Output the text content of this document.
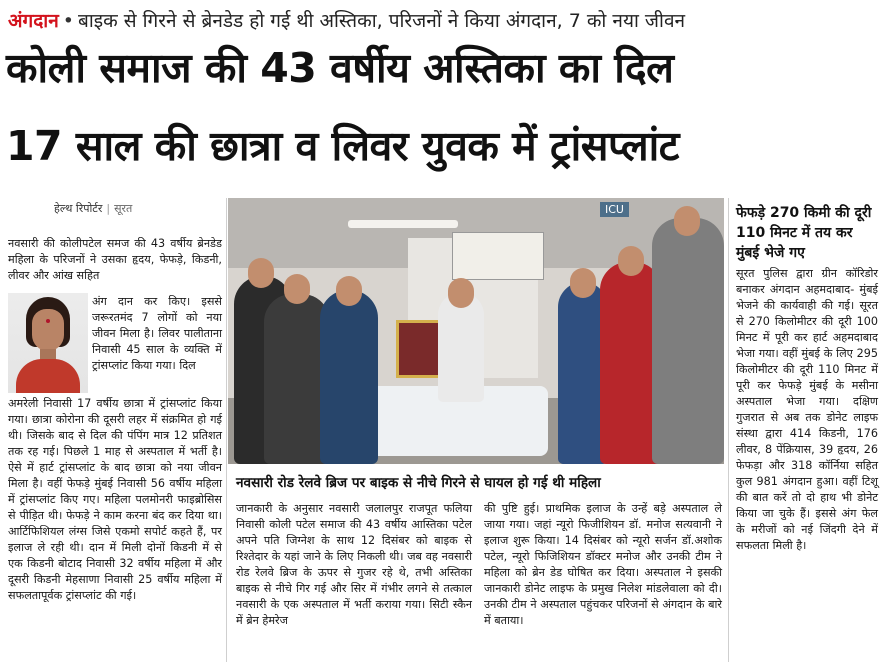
अंगदान • बाइक से गिरने से ब्रेनडेड हो गई थी अस्तिका, परिजनों ने किया अंगदान, 7 को नया जीवन
कोली समाज की 43 वर्षीय अस्तिका का दिल
17 साल की छात्रा व लिवर युवक में ट्रांसप्लांट
हेल्थ रिपोर्टर | सूरत

नवसारी की कोलीपटेल समज की 43 वर्षीय ब्रेनडेड महिला के परिजनों ने उसका हृदय, फेफड़े, किडनी, लीवर और आंख सहित

अंग दान कर किए। इससे जरूरतमंद 7 लोगों को नया जीवन मिला है। लिवर पालीताना निवासी 45 साल के व्यक्ति में ट्रांसप्लांट किया गया। दिल

अमरेली निवासी 17 वर्षीय छात्रा में ट्रांसप्लांट किया गया। छात्रा कोरोना की दूसरी लहर में संक्रमित हो गई थी। जिसके बाद से दिल की पंपिंग मात्र 12 प्रतिशत तक रह गई। पिछले 1 माह से अस्पताल में भर्ती है। ऐसे में हार्ट ट्रांसप्लांट के बाद छात्रा को नया जीवन मिला है। वहीं फेफड़े मुंबई निवासी 56 वर्षीय महिला में ट्रांसप्लांट किए गए। महिला पलमोनरी फाइब्रोसिस से पीड़ित थी। फेफड़े ने काम करना बंद कर दिया था। आर्टिफिशियल लंग्स जिसे एकमो सपोर्ट कहते हैं, पर इलाज ले रही थी। दान में मिली दोनों किडनी में से एक किडनी बोटाद निवासी 32 वर्षीय महिला में और दूसरी किडनी मेहसाणा निवासी 25 वर्षीय महिला में सफलतापूर्वक ट्रांसप्लांट की गई।

ICU
नवसारी रोड रेलवे ब्रिज पर बाइक से नीचे गिरने से घायल हो गई थी महिला

जानकारी के अनुसार नवसारी जलालपुर राजपूत फलिया निवासी कोली पटेल समाज की 43 वर्षीय आस्तिका पटेल अपने पति जिग्नेश के साथ 12 दिसंबर को बाइक से रिश्तेदार के यहां जाने के लिए निकली थी। जब वह नवसारी रोड रेलवे ब्रिज के ऊपर से गुजर रहे थे, तभी अस्तिका बाइक से नीचे गिर गई और सिर में गंभीर लगने से तत्काल नवसारी के एक अस्पताल में भर्ती कराया गया। सिटी स्कैन में ब्रेन हेमरेज

की पुष्टि हुई। प्राथमिक इलाज के उन्हें बड़े अस्पताल ले जाया गया। जहां न्यूरो फिजीशियन डॉ. मनोज सत्यवानी ने इलाज शुरू किया। 14 दिसंबर को न्यूरो सर्जन डॉ.अशोक पटेल, न्यूरो फिजिशियन डॉक्टर मनोज और उनकी टीम ने महिला को ब्रेन डेड घोषित कर दिया। अस्पताल ने इसकी जानकारी डोनेट लाइफ के प्रमुख निलेश मांडलेवाला को दी। उनकी टीम ने अस्पताल पहुंचकर परिजनों से अंगदान के बारे में बताया।

फेफड़े 270 किमी की दूरी 110 मिनट में तय कर मुंबई भेजे गए

सूरत पुलिस द्वारा ग्रीन कॉरिडोर बनाकर अंगदान अहमदाबाद- मुंबई भेजने की कार्यवाही की गई। सूरत से 270 किलोमीटर की दूरी 100 मिनट में पूरी कर हार्ट अहमदाबाद भेजा गया। वहीं मुंबई के लिए 295 किलोमीटर की दूरी 110 मिनट में पूरी कर फेफड़े मुंबई के मसीना अस्पताल भेजा गया। दक्षिण गुजरात से अब तक डोनेट लाइफ संस्था द्वारा 414 किडनी, 176 लीवर, 8 पेंक्रियास, 39 हृदय, 26 फेफड़ा और 318 कॉर्निया सहित कुल 981 अंगदान हुआ। वहीं टिशू की बात करें तो दो हाथ भी डोनेट किया जा चुके हैं। इससे अंग फेल के मरीजों को नई जिंदगी देने में सफलता मिली है।
